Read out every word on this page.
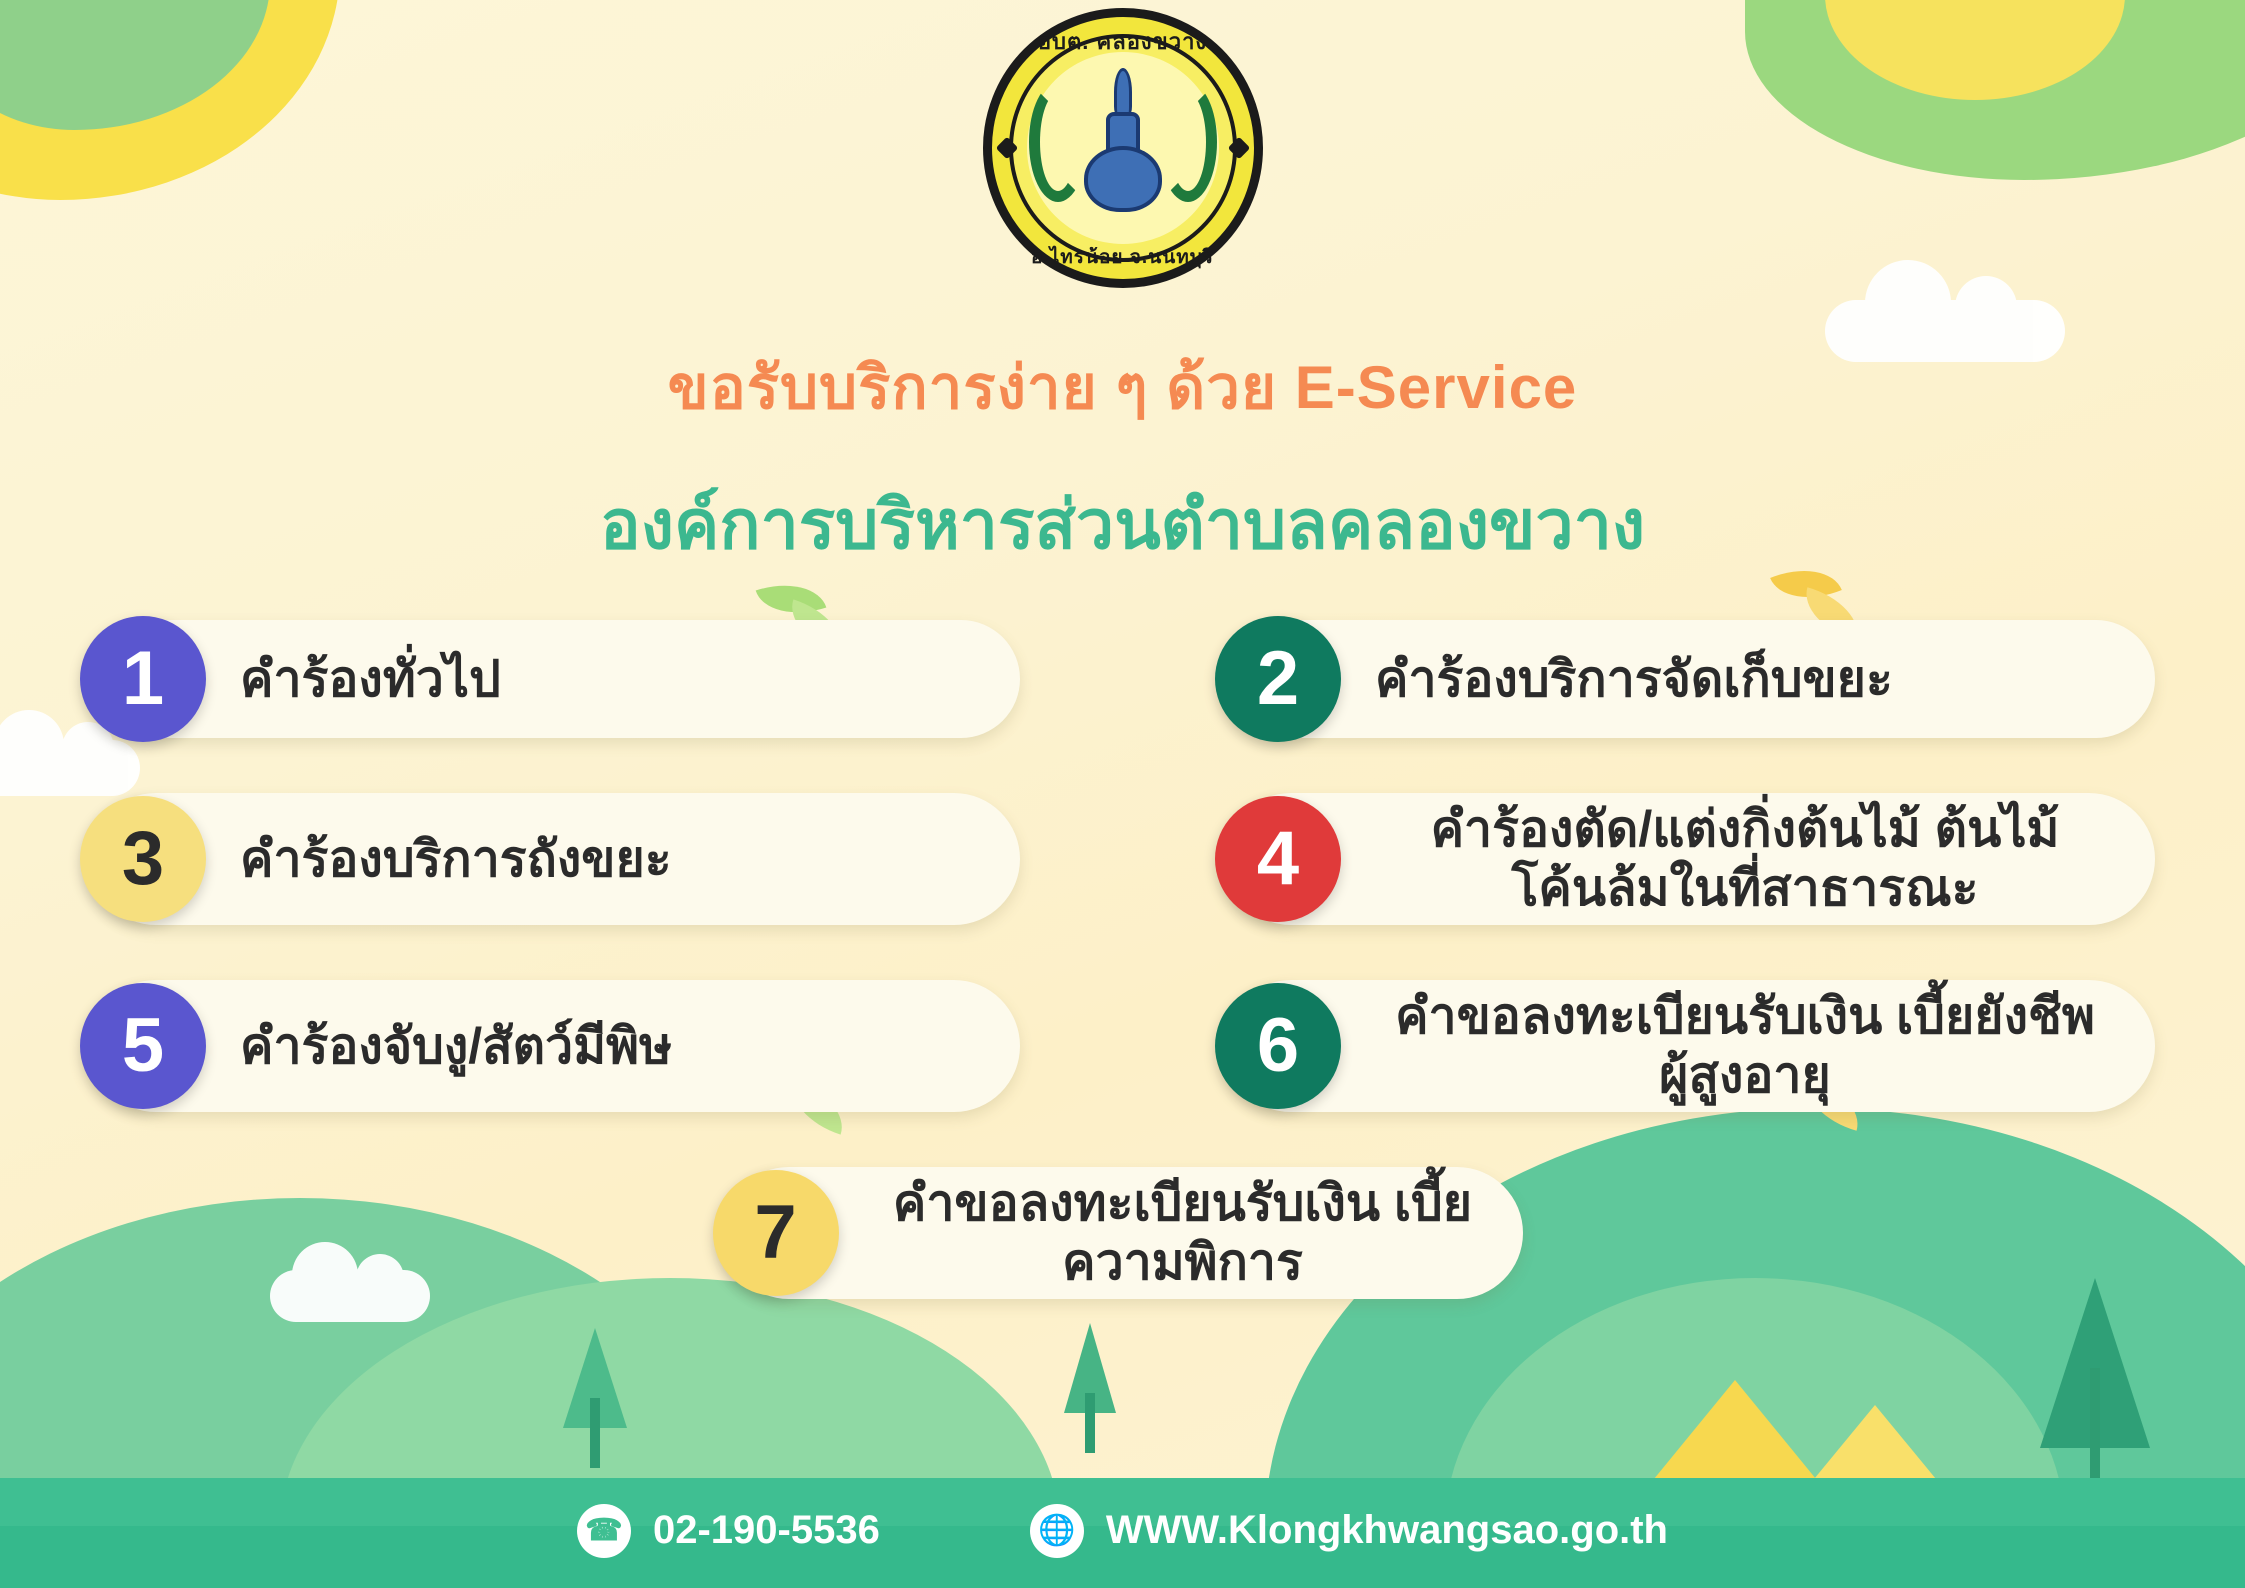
อบต. คลองขวาง
อ.ไทรน้อย จ.นนทบุรี
ขอรับบริการง่าย ๆ ด้วย E-Service
องค์การบริหารส่วนตำบลคลองขวาง
1	คำร้องทั่วไป	2	คำร้องบริการจัดเก็บขยะ
3	คำร้องบริการถังขยะ	4	คำร้องตัด/แต่งกิ่งต้นไม้ ต้นไม้โค้นล้มในที่สาธารณะ
5	คำร้องจับงู/สัตว์มีพิษ	6	คำขอลงทะเบียนรับเงิน เบี้ยยังชีพผู้สูงอายุ
7	คำขอลงทะเบียนรับเงิน เบี้ยความพิการ
☎ 02-190-5536	🌐 WWW.Klongkhwangsao.go.th
